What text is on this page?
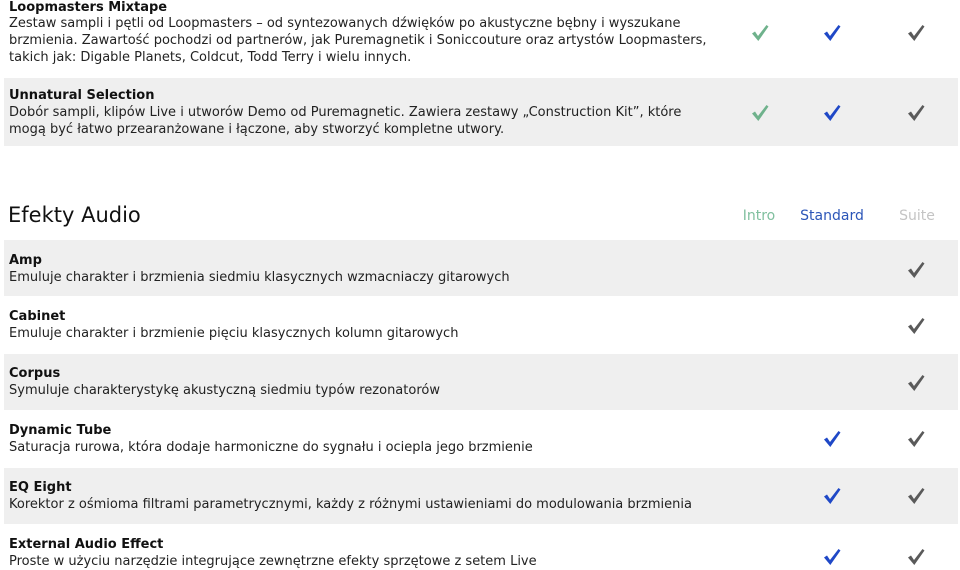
Loopmasters Mixtape
Zestaw sampli i pętli od Loopmasters – od syntezowanych dźwięków po akustyczne bębny i wyszukane
brzmienia. Zawartość pochodzi od partnerów, jak Puremagnetik i Soniccouture oraz artystów Loopmasters,
takich jak: Digable Planets, Coldcut, Todd Terry i wielu innych.
Unnatural Selection
Dobór sampli, klipów Live i utworów Demo od Puremagnetic. Zawiera zestawy „Construction Kit”, które
mogą być łatwo przearanżowane i łączone, aby stworzyć kompletne utwory.
Efekty Audio	Intro Standard	Suite
Amp
Emuluje charakter i brzmienia siedmiu klasycznych wzmacniaczy gitarowych
Cabinet
Emuluje charakter i brzmienie pięciu klasycznych kolumn gitarowych
Corpus
Symuluje charakterystykę akustyczną siedmiu typów rezonatorów
Dynamic Tube
Saturacja rurowa, która dodaje harmoniczne do sygnału i ociepla jego brzmienie
EQ Eight
Korektor z ośmioma filtrami parametrycznymi, każdy z różnymi ustawieniami do modulowania brzmienia
External Audio Effect
Proste w użyciu narzędzie integrujące zewnętrzne efekty sprzętowe z setem Live
